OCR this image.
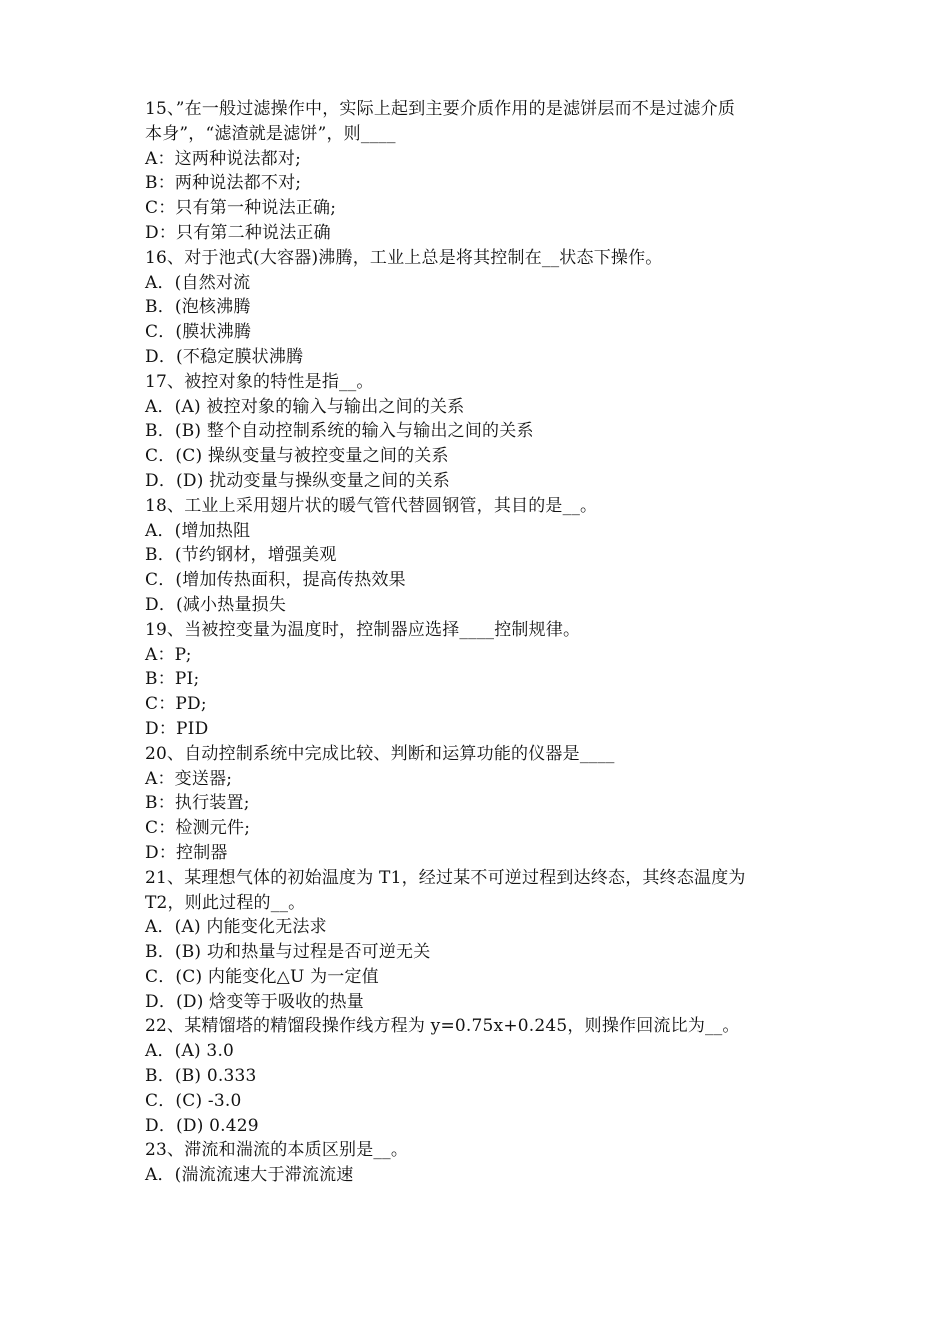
15、”在一般过滤操作中，实际上起到主要介质作用的是滤饼层而不是过滤介质
本身”，“滤渣就是滤饼”，则____
A：这两种说法都对;
B：两种说法都不对;
C：只有第一种说法正确;
D：只有第二种说法正确
16、对于池式(大容器)沸腾，工业上总是将其控制在__状态下操作。
A．(自然对流
B．(泡核沸腾
C．(膜状沸腾
D．(不稳定膜状沸腾
17、被控对象的特性是指__。
A．(A) 被控对象的输入与输出之间的关系
B．(B) 整个自动控制系统的输入与输出之间的关系
C．(C) 操纵变量与被控变量之间的关系
D．(D) 扰动变量与操纵变量之间的关系
18、工业上采用翅片状的暖气管代替圆钢管，其目的是__。
A．(增加热阻
B．(节约钢材，增强美观
C．(增加传热面积，提高传热效果
D．(减小热量损失
19、当被控变量为温度时，控制器应选择____控制规律。
A：P;
B：PI;
C：PD;
D：PID
20、自动控制系统中完成比较、判断和运算功能的仪器是____
A：变送器;
B：执行装置;
C：检测元件;
D：控制器
21、某理想气体的初始温度为 T1，经过某不可逆过程到达终态，其终态温度为
T2，则此过程的__。
A．(A) 内能变化无法求
B．(B) 功和热量与过程是否可逆无关
C．(C) 内能变化△U 为一定值
D．(D) 焓变等于吸收的热量
22、某精馏塔的精馏段操作线方程为 y=0.75x+0.245，则操作回流比为__。
A．(A) 3.0
B．(B) 0.333
C．(C) -3.0
D．(D) 0.429
23、滞流和湍流的本质区别是__。
A．(湍流流速大于滞流流速
